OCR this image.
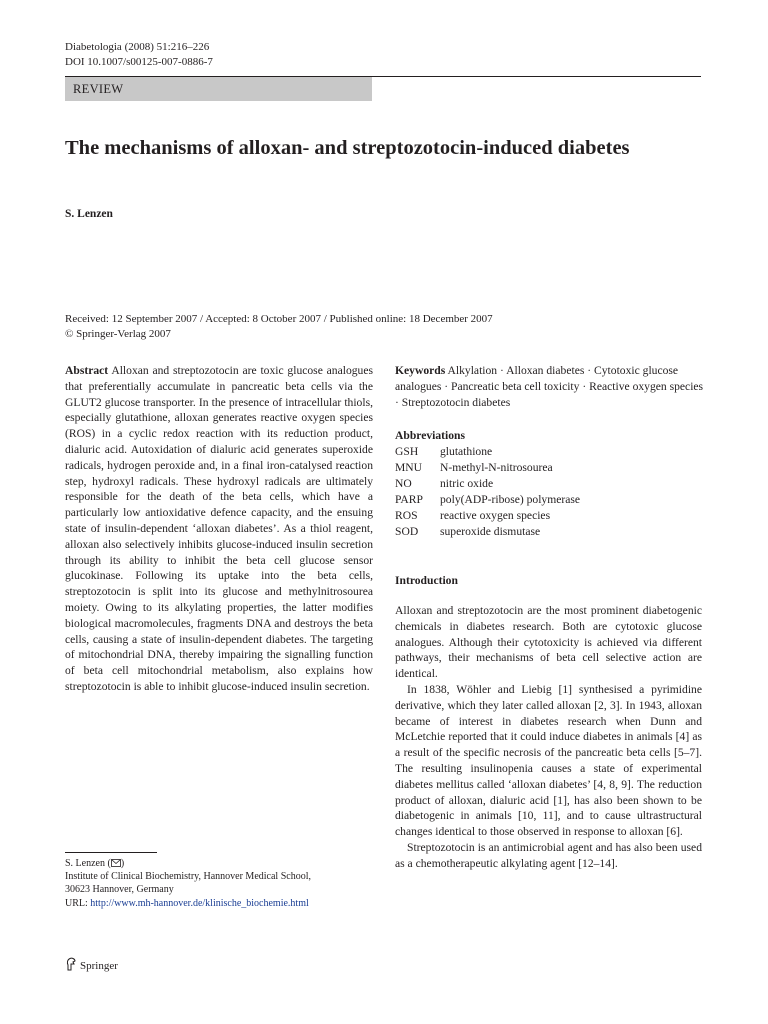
Diabetologia (2008) 51:216–226
DOI 10.1007/s00125-007-0886-7
REVIEW
The mechanisms of alloxan- and streptozotocin-induced diabetes
S. Lenzen
Received: 12 September 2007 / Accepted: 8 October 2007 / Published online: 18 December 2007
© Springer-Verlag 2007

Abstract Alloxan and streptozotocin are toxic glucose analogues that preferentially accumulate in pancreatic beta cells via the GLUT2 glucose transporter. In the presence of intracellular thiols, especially glutathione, alloxan generates reactive oxygen species (ROS) in a cyclic redox reaction with its reduction product, dialuric acid. Autoxidation of dialuric acid generates superoxide radicals, hydrogen peroxide and, in a final iron-catalysed reaction step, hydroxyl radicals. These hydroxyl radicals are ultimately responsible for the death of the beta cells, which have a particularly low antioxidative defence capacity, and the ensuing state of insulin-dependent ‘alloxan diabetes’. As a thiol reagent, alloxan also selectively inhibits glucose-induced insulin secretion through its ability to inhibit the beta cell glucose sensor glucokinase. Following its uptake into the beta cells, streptozotocin is split into its glucose and methylnitrosourea moiety. Owing to its alkylating properties, the latter modifies biological macromolecules, fragments DNA and destroys the beta cells, causing a state of insulin-dependent diabetes. The targeting of mitochondrial DNA, thereby impairing the signalling function of beta cell mitochondrial metabolism, also explains how streptozotocin is able to inhibit glucose-induced insulin secretion.

S. Lenzen ( )
Institute of Clinical Biochemistry, Hannover Medical School,
30623 Hannover, Germany
URL: http://www.mh-hannover.de/klinische_biochemie.html
Springer
Keywords Alkylation · Alloxan diabetes · Cytotoxic glucose analogues · Pancreatic beta cell toxicity · Reactive oxygen species · Streptozotocin diabetes
Abbreviations
GSH	glutathione
MNU	N-methyl-N-nitrosourea
NO	nitric oxide
PARP	poly(ADP-ribose) polymerase
ROS	reactive oxygen species
SOD	superoxide dismutase
Introduction

Alloxan and streptozotocin are the most prominent diabetogenic chemicals in diabetes research. Both are cytotoxic glucose analogues. Although their cytotoxicity is achieved via different pathways, their mechanisms of beta cell selective action are identical.

In 1838, Wöhler and Liebig [1] synthesised a pyrimidine derivative, which they later called alloxan [2, 3]. In 1943, alloxan became of interest in diabetes research when Dunn and McLetchie reported that it could induce diabetes in animals [4] as a result of the specific necrosis of the pancreatic beta cells [5–7]. The resulting insulinopenia causes a state of experimental diabetes mellitus called ‘alloxan diabetes’ [4, 8, 9]. The reduction product of alloxan, dialuric acid [1], has also been shown to be diabetogenic in animals [10, 11], and to cause ultrastructural changes identical to those observed in response to alloxan [6].

Streptozotocin is an antimicrobial agent and has also been used as a chemotherapeutic alkylating agent [12–14].
